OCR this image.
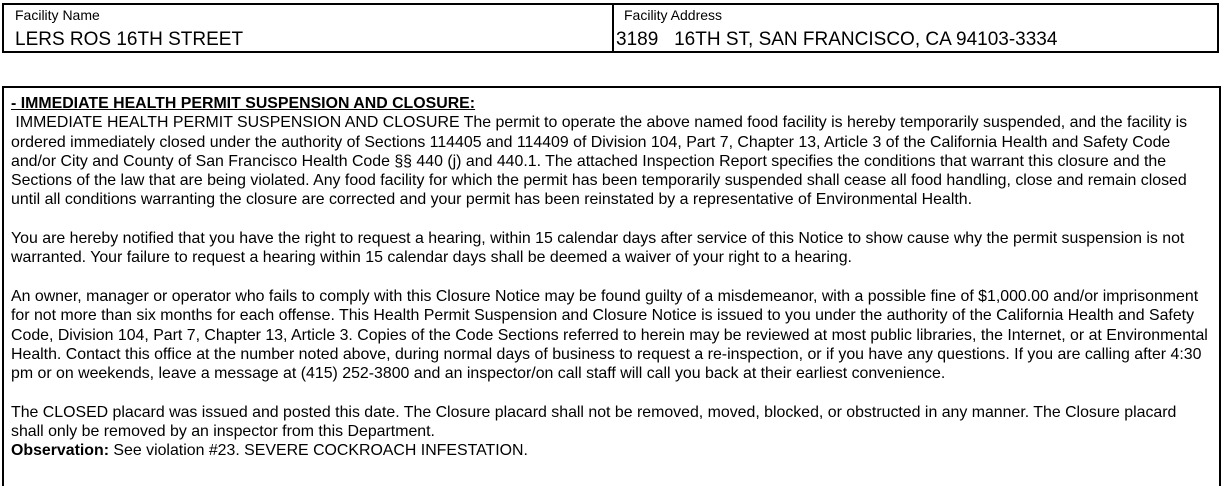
Facility Name
LERS ROS 16TH STREET
Facility Address
3189   16TH ST, SAN FRANCISCO, CA 94103-3334
- IMMEDIATE HEALTH PERMIT SUSPENSION AND CLOSURE:

IMMEDIATE HEALTH PERMIT SUSPENSION AND CLOSURE The permit to operate the above named food facility is hereby temporarily suspended, and the facility is ordered immediately closed under the authority of Sections 114405 and 114409 of Division 104, Part 7, Chapter 13, Article 3 of the California Health and Safety Code and/or City and County of San Francisco Health Code §§ 440 (j) and 440.1. The attached Inspection Report specifies the conditions that warrant this closure and the Sections of the law that are being violated. Any food facility for which the permit has been temporarily suspended shall cease all food handling, close and remain closed until all conditions warranting the closure are corrected and your permit has been reinstated by a representative of Environmental Health.

You are hereby notified that you have the right to request a hearing, within 15 calendar days after service of this Notice to show cause why the permit suspension is not warranted. Your failure to request a hearing within 15 calendar days shall be deemed a waiver of your right to a hearing.

An owner, manager or operator who fails to comply with this Closure Notice may be found guilty of a misdemeanor, with a possible fine of $1,000.00 and/or imprisonment for not more than six months for each offense. This Health Permit Suspension and Closure Notice is issued to you under the authority of the California Health and Safety Code, Division 104, Part 7, Chapter 13, Article 3. Copies of the Code Sections referred to herein may be reviewed at most public libraries, the Internet, or at Environmental Health. Contact this office at the number noted above, during normal days of business to request a re-inspection, or if you have any questions. If you are calling after 4:30 pm or on weekends, leave a message at (415) 252-3800 and an inspector/on call staff will call you back at their earliest convenience.

The CLOSED placard was issued and posted this date. The Closure placard shall not be removed, moved, blocked, or obstructed in any manner. The Closure placard shall only be removed by an inspector from this Department.

Observation: See violation #23. SEVERE COCKROACH INFESTATION.
